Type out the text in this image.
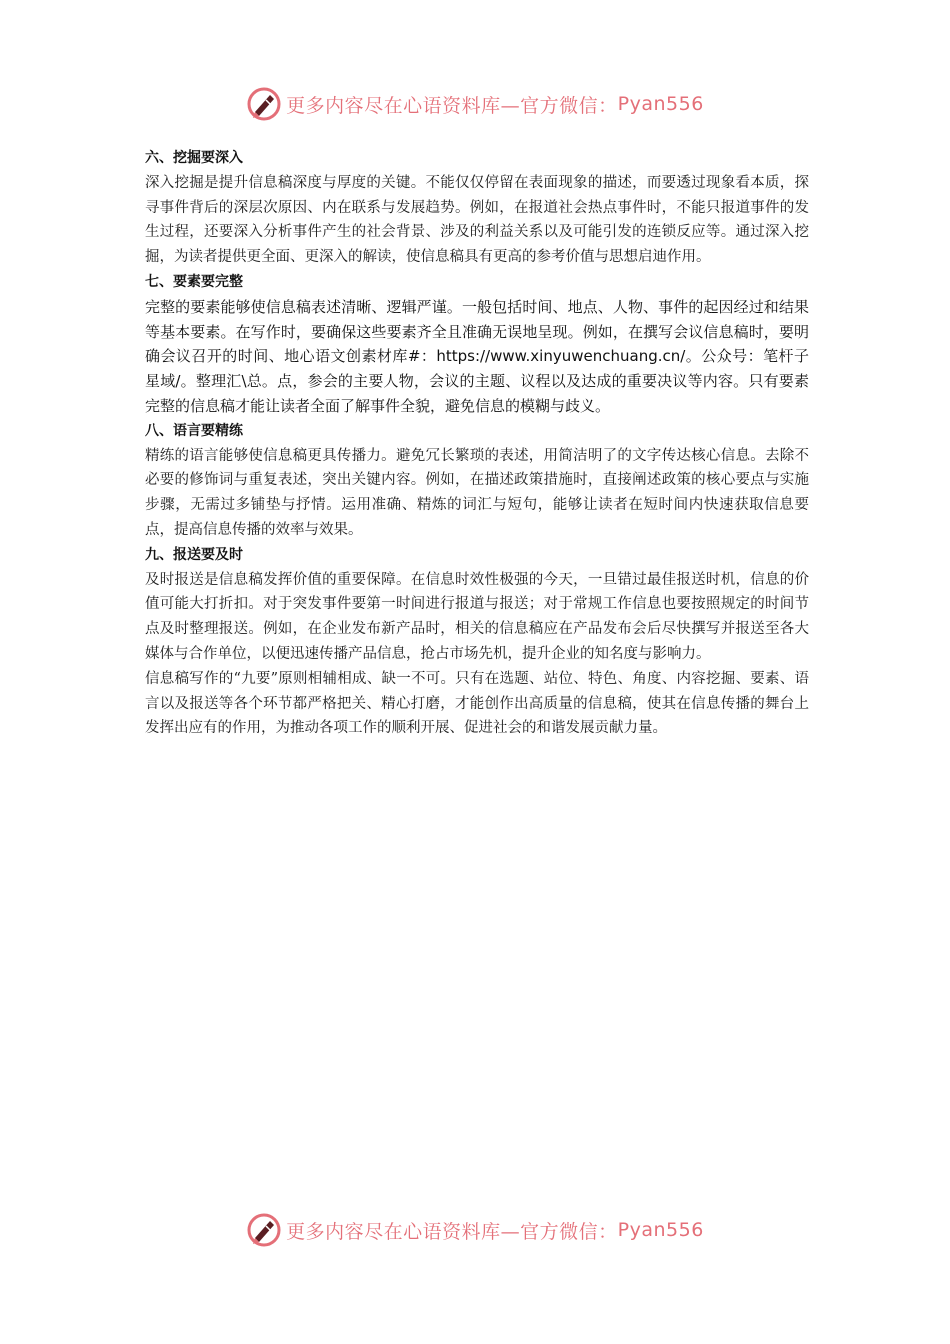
更多内容尽在心语资料库—官方微信： Pyan556

六、挖掘要深入

深入挖掘是提升信息稿深度与厚度的关键。不能仅仅停留在表面现象的描述，而要透过现象看本质，探寻事件背后的深层次原因、内在联系与发展趋势。例如，在报道社会热点事件时，不能只报道事件的发生过程，还要深入分析事件产生的社会背景、涉及的利益关系以及可能引发的连锁反应等。通过深入挖掘，为读者提供更全面、更深入的解读，使信息稿具有更高的参考价值与思想启迪作用。

七、要素要完整

完整的要素能够使信息稿表述清晰、逻辑严谨。一般包括时间、地点、人物、事件的起因经过和结果等基本要素。在写作时，要确保这些要素齐全且准确无误地呈现。例如，在撰写会议信息稿时，要明确会议召开的时间、地心语文创素材库#：https://www.xinyuwenchuang.cn/。公众号：笔杆子星域/。整理汇\总。点，参会的主要人物，会议的主题、议程以及达成的重要决议等内容。只有要素完整的信息稿才能让读者全面了解事件全貌，避免信息的模糊与歧义。

八、语言要精练

精练的语言能够使信息稿更具传播力。避免冗长繁琐的表述，用简洁明了的文字传达核心信息。去除不必要的修饰词与重复表述，突出关键内容。例如，在描述政策措施时，直接阐述政策的核心要点与实施步骤，无需过多铺垫与抒情。运用准确、精炼的词汇与短句，能够让读者在短时间内快速获取信息要点，提高信息传播的效率与效果。

九、报送要及时

及时报送是信息稿发挥价值的重要保障。在信息时效性极强的今天，一旦错过最佳报送时机，信息的价值可能大打折扣。对于突发事件要第一时间进行报道与报送；对于常规工作信息也要按照规定的时间节点及时整理报送。例如，在企业发布新产品时，相关的信息稿应在产品发布会后尽快撰写并报送至各大媒体与合作单位，以便迅速传播产品信息，抢占市场先机，提升企业的知名度与影响力。

信息稿写作的“九要”原则相辅相成、缺一不可。只有在选题、站位、特色、角度、内容挖掘、要素、语言以及报送等各个环节都严格把关、精心打磨，才能创作出高质量的信息稿，使其在信息传播的舞台上发挥出应有的作用，为推动各项工作的顺利开展、促进社会的和谐发展贡献力量。

更多内容尽在心语资料库—官方微信： Pyan556
